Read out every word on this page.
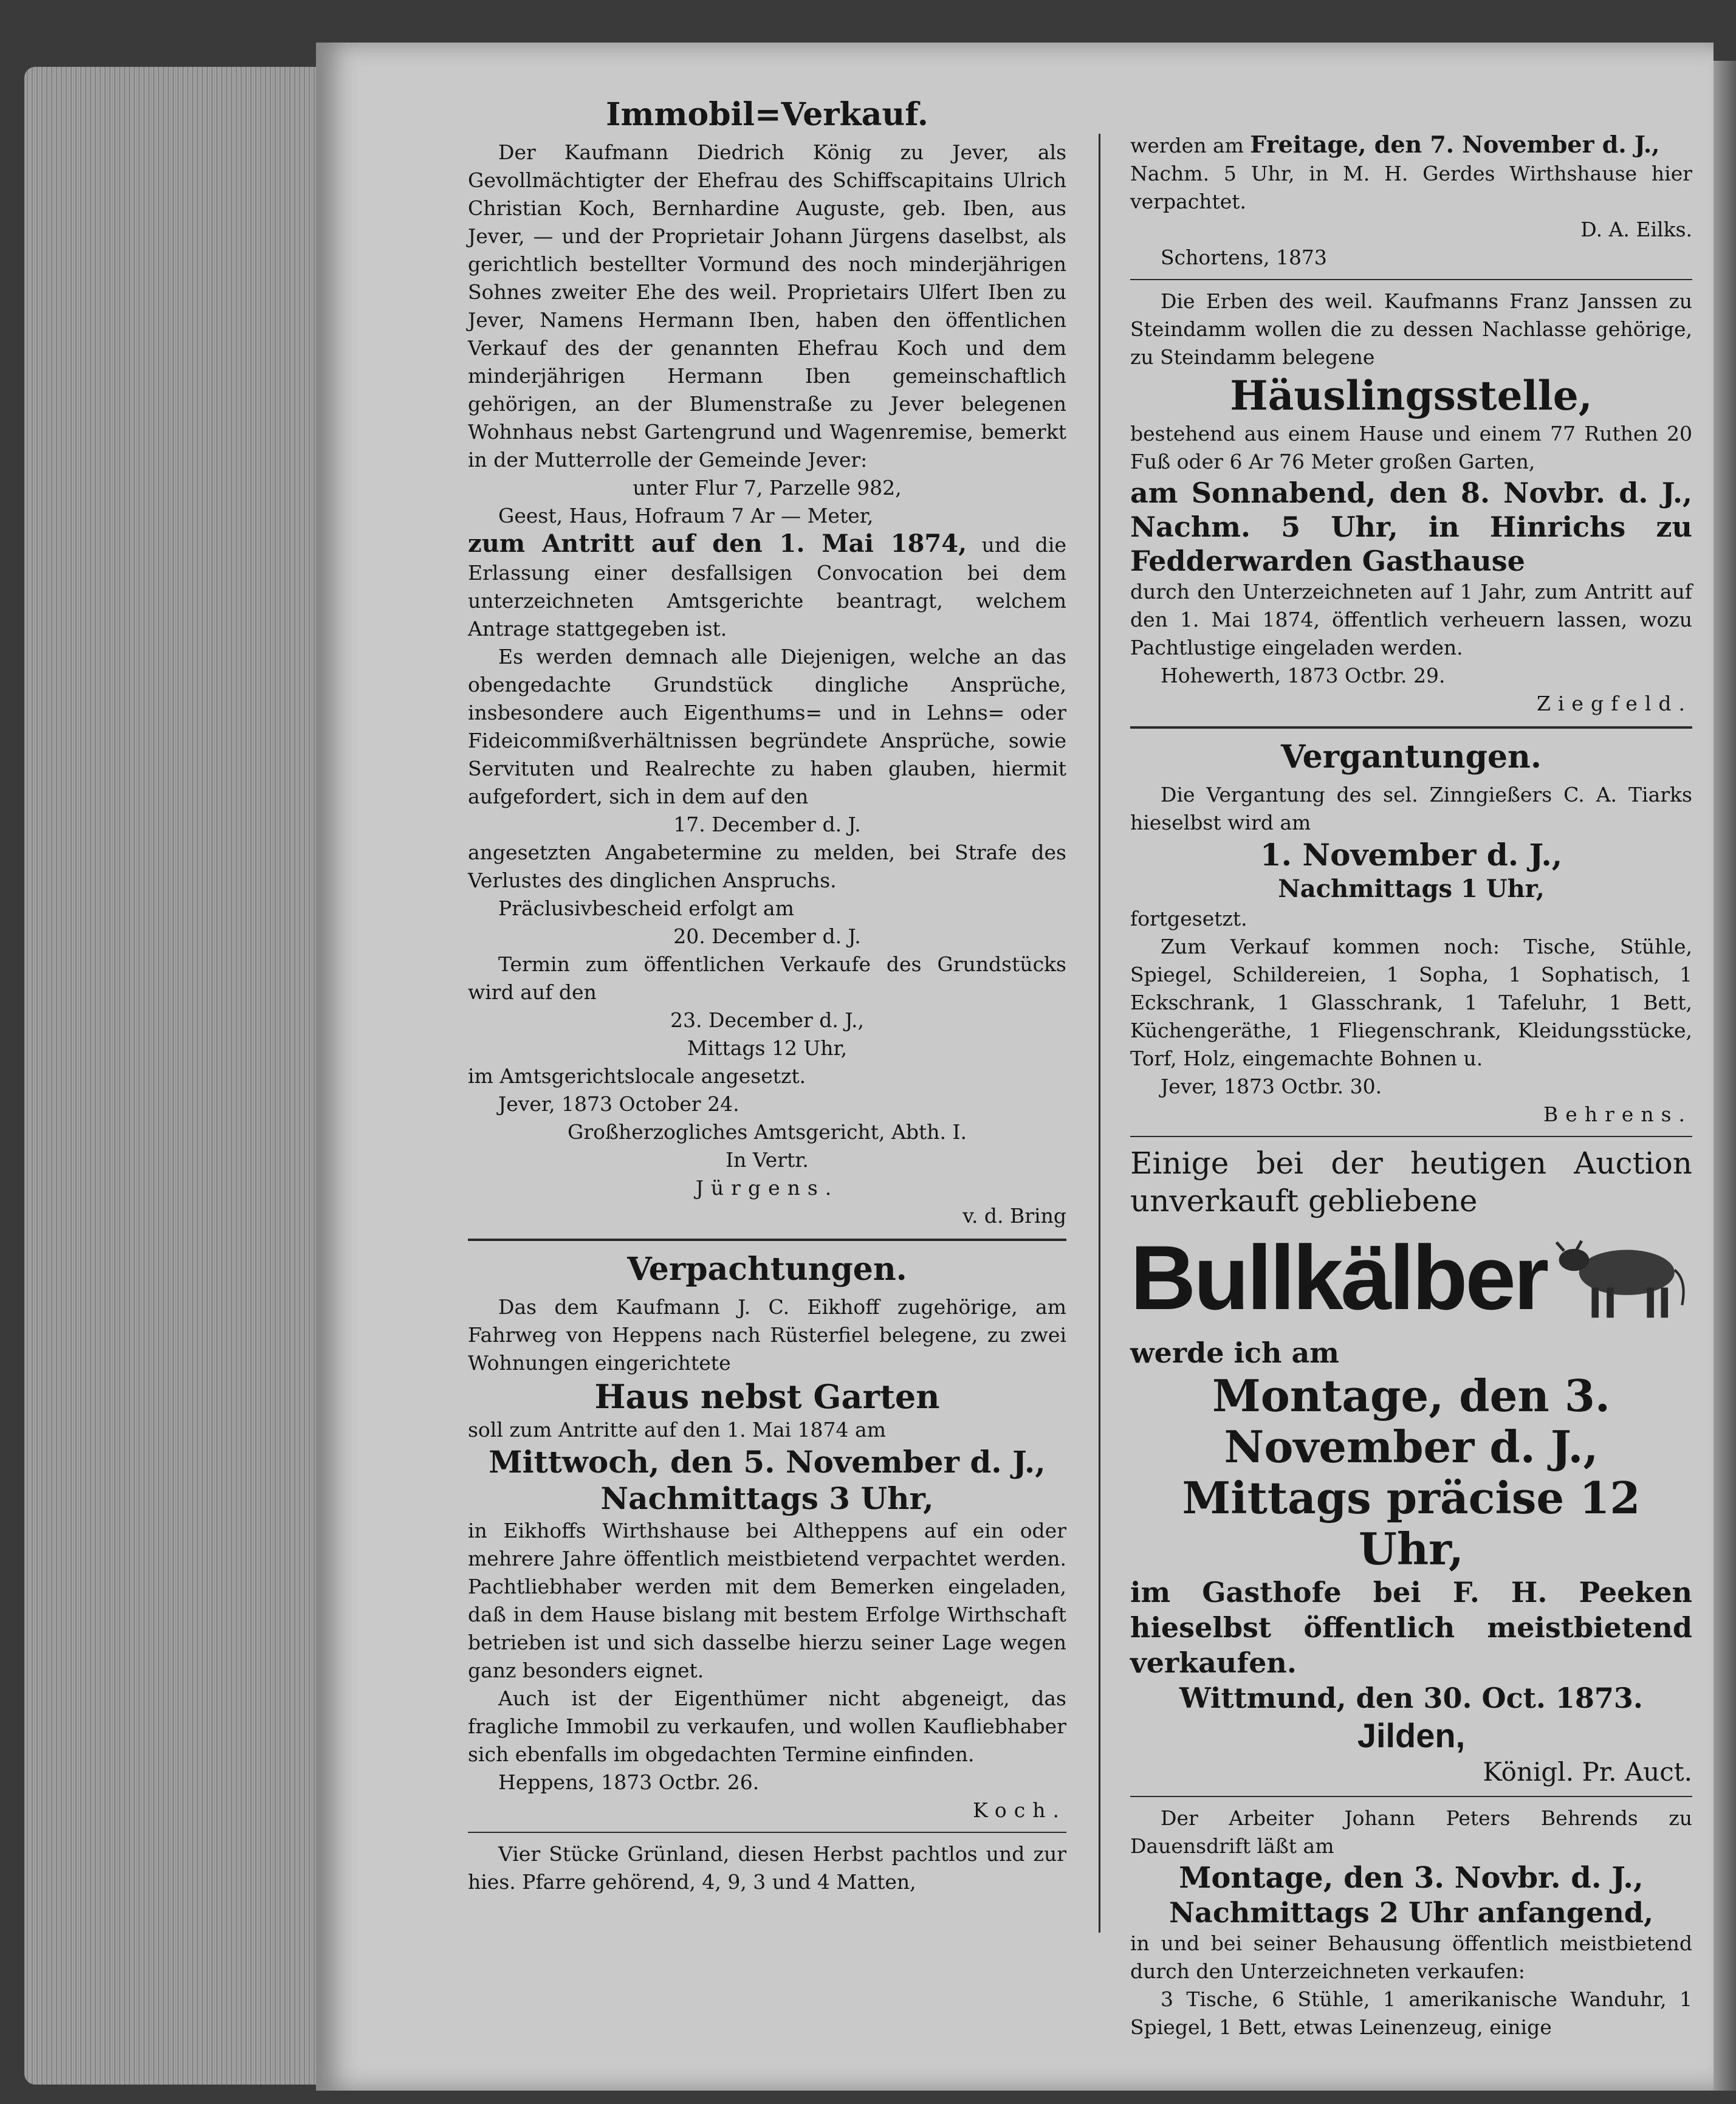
Immobil=Verkauf.

Der Kaufmann Diedrich König zu Jever, als Gevollmächtigter der Ehefrau des Schiffscapitains Ulrich Christian Koch, Bernhardine Auguste, geb. Iben, aus Jever, — und der Proprietair Johann Jürgens daselbst, als gerichtlich bestellter Vormund des noch minderjährigen Sohnes zweiter Ehe des weil. Proprietairs Ulfert Iben zu Jever, Namens Hermann Iben, haben den öffentlichen Verkauf des der genannten Ehefrau Koch und dem minderjährigen Hermann Iben gemeinschaftlich gehörigen, an der Blumenstraße zu Jever belegenen Wohnhaus nebst Gartengrund und Wagenremise, bemerkt in der Mutterrolle der Gemeinde Jever:

unter Flur 7, Parzelle 982,

Geest, Haus, Hofraum 7 Ar — Meter,

zum Antritt auf den 1. Mai 1874, und die Erlassung einer desfallsigen Convocation bei dem unterzeichneten Amtsgerichte beantragt, welchem Antrage stattgegeben ist.

Es werden demnach alle Diejenigen, welche an das obengedachte Grundstück dingliche Ansprüche, insbesondere auch Eigenthums= und in Lehns= oder Fideicommißverhältnissen begründete Ansprüche, sowie Servituten und Realrechte zu haben glauben, hiermit aufgefordert, sich in dem auf den

17. December d. J.

angesetzten Angabetermine zu melden, bei Strafe des Verlustes des dinglichen Anspruchs.

Präclusivbescheid erfolgt am

20. December d. J.

Termin zum öffentlichen Verkaufe des Grundstücks wird auf den

23. December d. J.,

Mittags 12 Uhr,

im Amtsgerichtslocale angesetzt.

Jever, 1873 October 24.

Großherzogliches Amtsgericht, Abth. I.

In Vertr.

Jürgens.

v. d. Bring

Verpachtungen.

Das dem Kaufmann J. C. Eikhoff zugehörige, am Fahrweg von Heppens nach Rüsterfiel belegene, zu zwei Wohnungen eingerichtete

Haus nebst Garten

soll zum Antritte auf den 1. Mai 1874 am

Mittwoch, den 5. November d. J.,

Nachmittags 3 Uhr,

in Eikhoffs Wirthshause bei Altheppens auf ein oder mehrere Jahre öffentlich meistbietend verpachtet werden. Pachtliebhaber werden mit dem Bemerken eingeladen, daß in dem Hause bislang mit bestem Erfolge Wirthschaft betrieben ist und sich dasselbe hierzu seiner Lage wegen ganz besonders eignet.

Auch ist der Eigenthümer nicht abgeneigt, das fragliche Immobil zu verkaufen, und wollen Kaufliebhaber sich ebenfalls im obgedachten Termine einfinden.

Heppens, 1873 Octbr. 26.

Koch.

Vier Stücke Grünland, diesen Herbst pachtlos und zur hies. Pfarre gehörend, 4, 9, 3 und 4 Matten,

werden am Freitage, den 7. November d. J.,

Nachm. 5 Uhr, in M. H. Gerdes Wirthshause hier verpachtet.

D. A. Eilks.

Schortens, 1873

Die Erben des weil. Kaufmanns Franz Janssen zu Steindamm wollen die zu dessen Nachlasse gehörige, zu Steindamm belegene

Häuslingsstelle,

bestehend aus einem Hause und einem 77 Ruthen 20 Fuß oder 6 Ar 76 Meter großen Garten,

am Sonnabend, den 8. Novbr. d. J., Nachm. 5 Uhr, in Hinrichs zu Fedderwarden Gasthause

durch den Unterzeichneten auf 1 Jahr, zum Antritt auf den 1. Mai 1874, öffentlich verheuern lassen, wozu Pachtlustige eingeladen werden.

Hohewerth, 1873 Octbr. 29.

Ziegfeld.

Vergantungen.

Die Vergantung des sel. Zinngießers C. A. Tiarks hieselbst wird am

1. November d. J.,

Nachmittags 1 Uhr,

fortgesetzt.

Zum Verkauf kommen noch: Tische, Stühle, Spiegel, Schildereien, 1 Sopha, 1 Sophatisch, 1 Eckschrank, 1 Glasschrank, 1 Tafeluhr, 1 Bett, Küchengeräthe, 1 Fliegenschrank, Kleidungsstücke, Torf, Holz, eingemachte Bohnen u.

Jever, 1873 Octbr. 30.

Behrens.

Einige bei der heutigen Auction unverkauft gebliebene

Bullkälber

werde ich am

Montage, den 3. November d. J., Mittags präcise 12 Uhr,

im Gasthofe bei F. H. Peeken hieselbst öffentlich meistbietend verkaufen.

Wittmund, den 30. Oct. 1873.

Jilden,

Königl. Pr. Auct.

Der Arbeiter Johann Peters Behrends zu Dauensdrift läßt am

Montage, den 3. Novbr. d. J.,

Nachmittags 2 Uhr anfangend,

in und bei seiner Behausung öffentlich meistbietend durch den Unterzeichneten verkaufen:

3 Tische, 6 Stühle, 1 amerikanische Wanduhr, 1 Spiegel, 1 Bett, etwas Leinenzeug, einige
